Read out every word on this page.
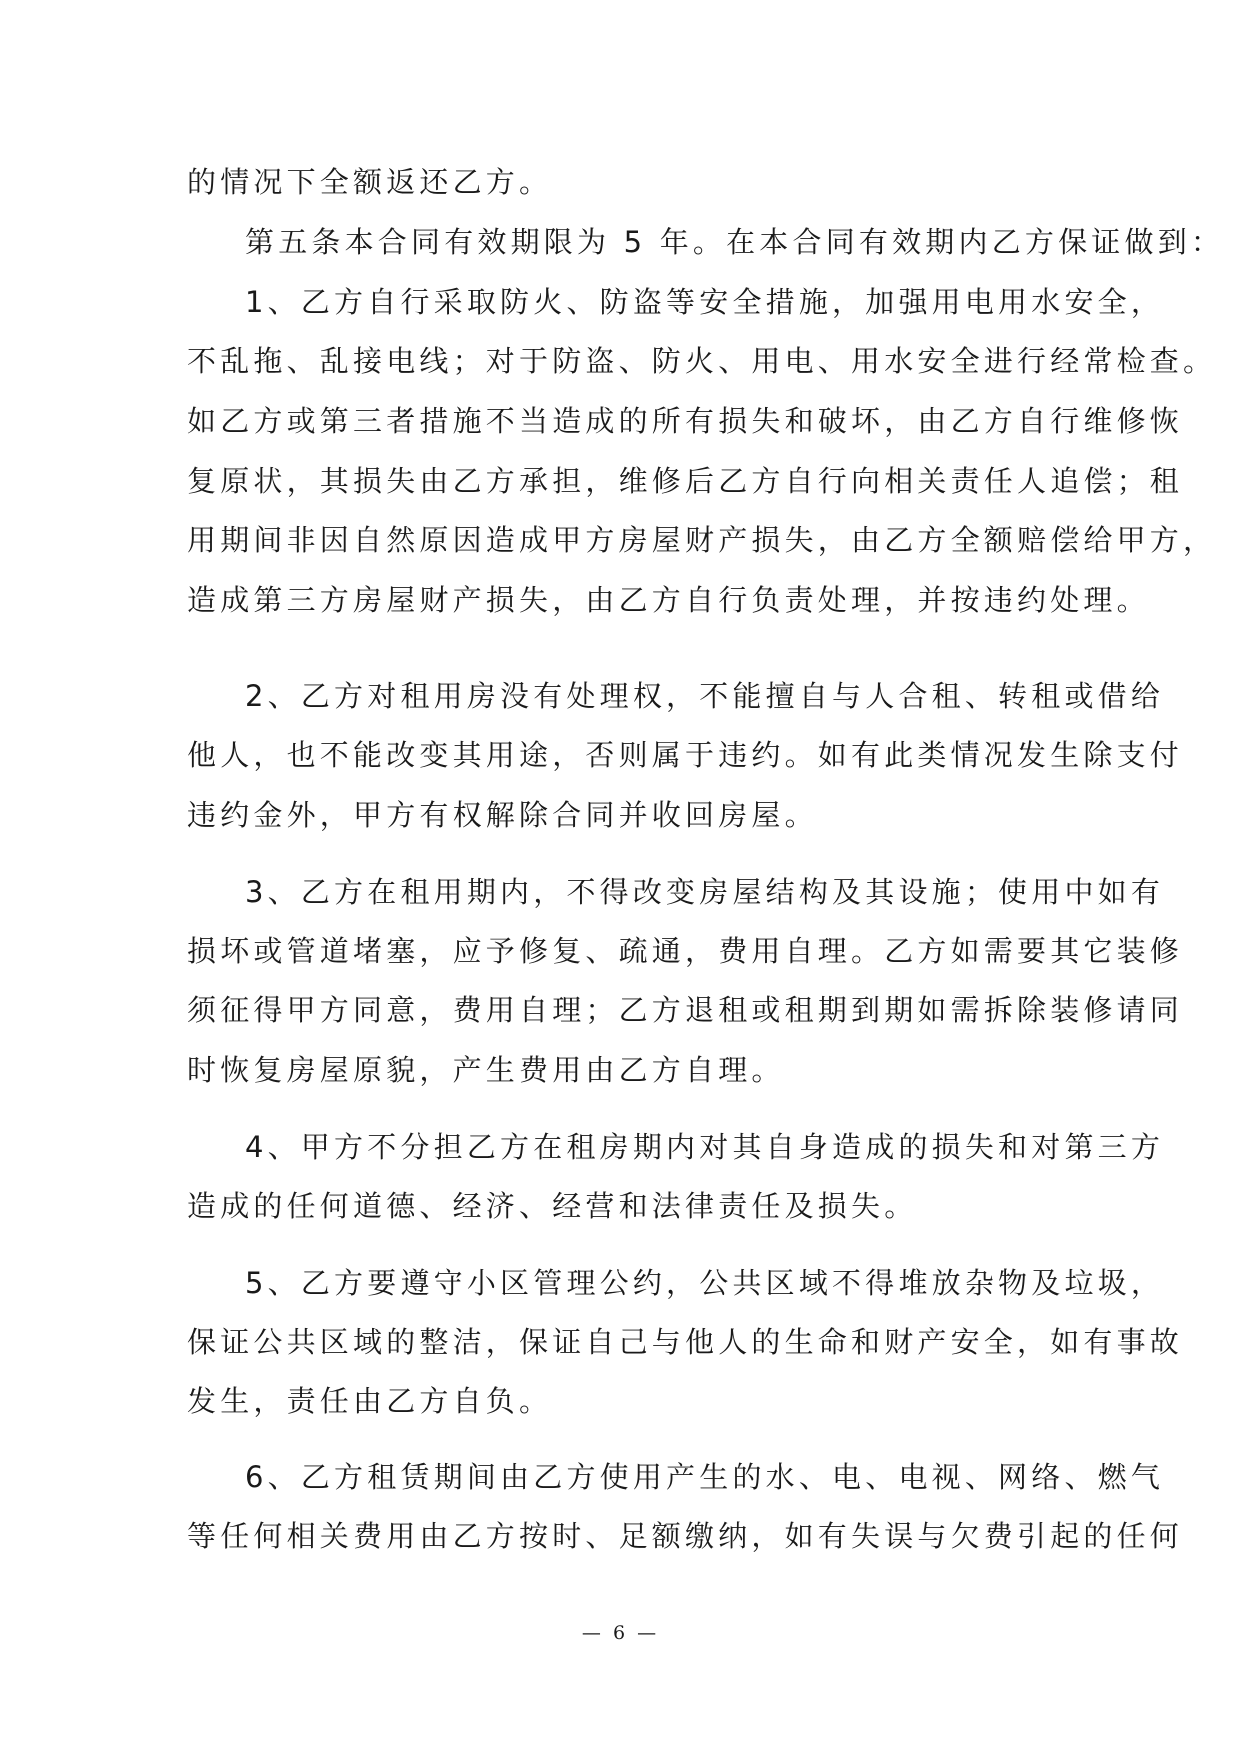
的情况下全额返还乙方。
第五条本合同有效期限为 5 年。在本合同有效期内乙方保证做到：
1、乙方自行采取防火、防盗等安全措施，加强用电用水安全，
不乱拖、乱接电线；对于防盗、防火、用电、用水安全进行经常检查。
如乙方或第三者措施不当造成的所有损失和破坏，由乙方自行维修恢
复原状，其损失由乙方承担，维修后乙方自行向相关责任人追偿；租
用期间非因自然原因造成甲方房屋财产损失，由乙方全额赔偿给甲方，
造成第三方房屋财产损失，由乙方自行负责处理，并按违约处理。
2、乙方对租用房没有处理权，不能擅自与人合租、转租或借给
他人，也不能改变其用途，否则属于违约。如有此类情况发生除支付
违约金外，甲方有权解除合同并收回房屋。
3、乙方在租用期内，不得改变房屋结构及其设施；使用中如有
损坏或管道堵塞，应予修复、疏通，费用自理。乙方如需要其它装修
须征得甲方同意，费用自理；乙方退租或租期到期如需拆除装修请同
时恢复房屋原貌，产生费用由乙方自理。
4、甲方不分担乙方在租房期内对其自身造成的损失和对第三方
造成的任何道德、经济、经营和法律责任及损失。
5、乙方要遵守小区管理公约，公共区域不得堆放杂物及垃圾，
保证公共区域的整洁，保证自己与他人的生命和财产安全，如有事故
发生，责任由乙方自负。
6、乙方租赁期间由乙方使用产生的水、电、电视、网络、燃气
等任何相关费用由乙方按时、足额缴纳，如有失误与欠费引起的任何
— 6 —
